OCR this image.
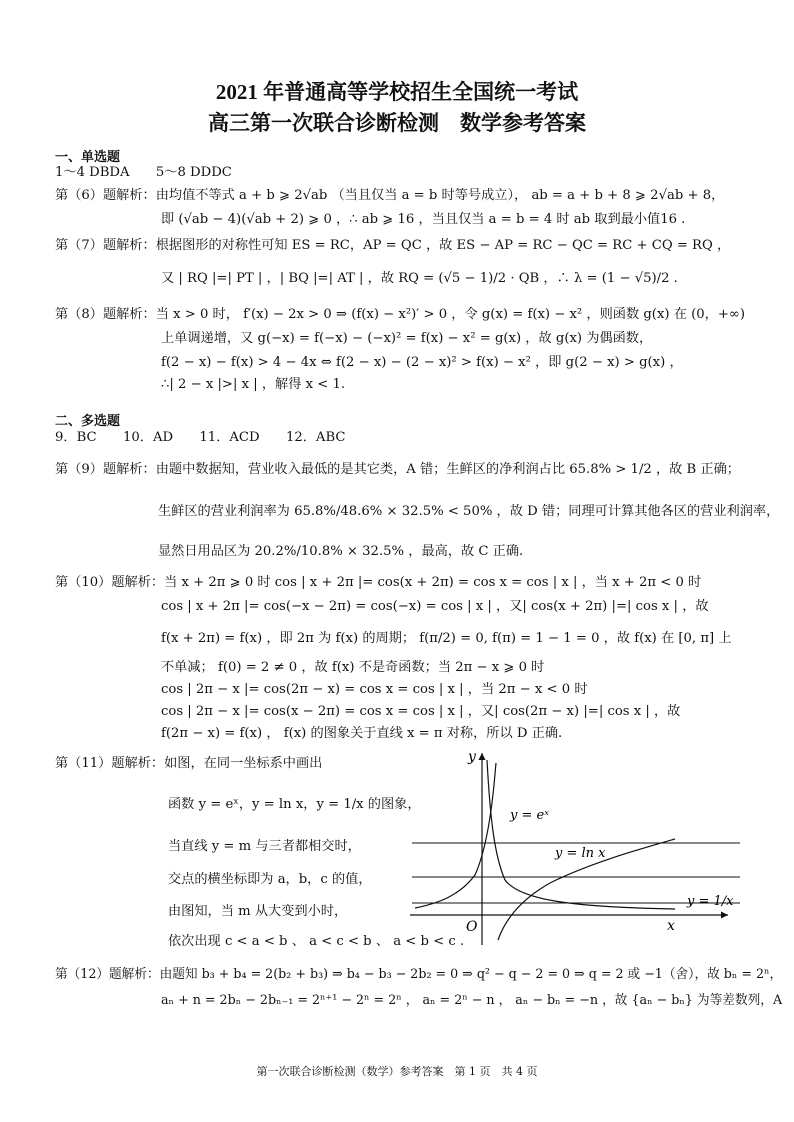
2021 年普通高等学校招生全国统一考试
高三第一次联合诊断检测　数学参考答案
一、单选题
1～4 DBDA　　5～8 DDDC
第（6）题解析：由均值不等式 a + b ⩾ 2√ab （当且仅当 a = b 时等号成立）， ab = a + b + 8 ⩾ 2√ab + 8，
即 (√ab − 4)(√ab + 2) ⩾ 0 ，∴ ab ⩾ 16 ，当且仅当 a = b = 4 时 ab 取到最小值16 .
第（7）题解析：根据图形的对称性可知 ES = RC，AP = QC ，故 ES − AP = RC − QC = RC + CQ = RQ ，
又 | RQ |=| PT | ，| BQ |=| AT | ，故 RQ = (√5 − 1)/2 · QB ，∴ λ = (1 − √5)/2 .
第（8）题解析：当 x > 0 时， f′(x) − 2x > 0 ⇒ (f(x) − x²)′ > 0 ，令 g(x) = f(x) − x² ，则函数 g(x) 在 (0，+∞)
上单调递增，又 g(−x) = f(−x) − (−x)² = f(x) − x² = g(x) ，故 g(x) 为偶函数，
f(2 − x) − f(x) > 4 − 4x ⇔ f(2 − x) − (2 − x)² > f(x) − x² ，即 g(2 − x) > g(x) ，
∴| 2 − x |>| x | ，解得 x < 1.
二、多选题
9．BC　　10．AD　　11．ACD　　12．ABC
第（9）题解析：由题中数据知，营业收入最低的是其它类，A 错；生鲜区的净利润占比 65.8% > 1/2 ，故 B 正确；
生鲜区的营业利润率为 65.8%/48.6% × 32.5% < 50% ，故 D 错；同理可计算其他各区的营业利润率，
显然日用品区为 20.2%/10.8% × 32.5% ，最高，故 C 正确.
第（10）题解析：当 x + 2π ⩾ 0 时 cos | x + 2π |= cos(x + 2π) = cos x = cos | x | ，当 x + 2π < 0 时
cos | x + 2π |= cos(−x − 2π) = cos(−x) = cos | x | ，又| cos(x + 2π) |=| cos x | ，故
f(x + 2π) = f(x) ，即 2π 为 f(x) 的周期； f(π/2) = 0, f(π) = 1 − 1 = 0 ，故 f(x) 在 [0, π] 上
不单减； f(0) = 2 ≠ 0 ，故 f(x) 不是奇函数；当 2π − x ⩾ 0 时
cos | 2π − x |= cos(2π − x) = cos x = cos | x | ，当 2π − x < 0 时
cos | 2π − x |= cos(x − 2π) = cos x = cos | x | ，又| cos(2π − x) |=| cos x | ，故
f(2π − x) = f(x) ， f(x) 的图象关于直线 x = π 对称，所以 D 正确.
第（11）题解析：如图，在同一坐标系中画出
函数 y = eˣ，y = ln x，y = 1/x 的图象，
当直线 y = m 与三者都相交时，
交点的横坐标即为 a，b，c 的值，
由图知，当 m 从大变到小时，
依次出现 c < a < b 、 a < c < b 、 a < b < c .
y
x
O
y = eˣ
y = ln x
y = 1/x
第（12）题解析：由题知 b₃ + b₄ = 2(b₂ + b₃) ⇒ b₄ − b₃ − 2b₂ = 0 ⇒ q² − q − 2 = 0 ⇒ q = 2 或 −1（舍），故 bₙ = 2ⁿ，
aₙ + n = 2bₙ − 2bₙ₋₁ = 2ⁿ⁺¹ − 2ⁿ = 2ⁿ ， aₙ = 2ⁿ − n ， aₙ − bₙ = −n ，故 {aₙ − bₙ} 为等差数列，A
第一次联合诊断检测（数学）参考答案　第 1 页　共 4 页
